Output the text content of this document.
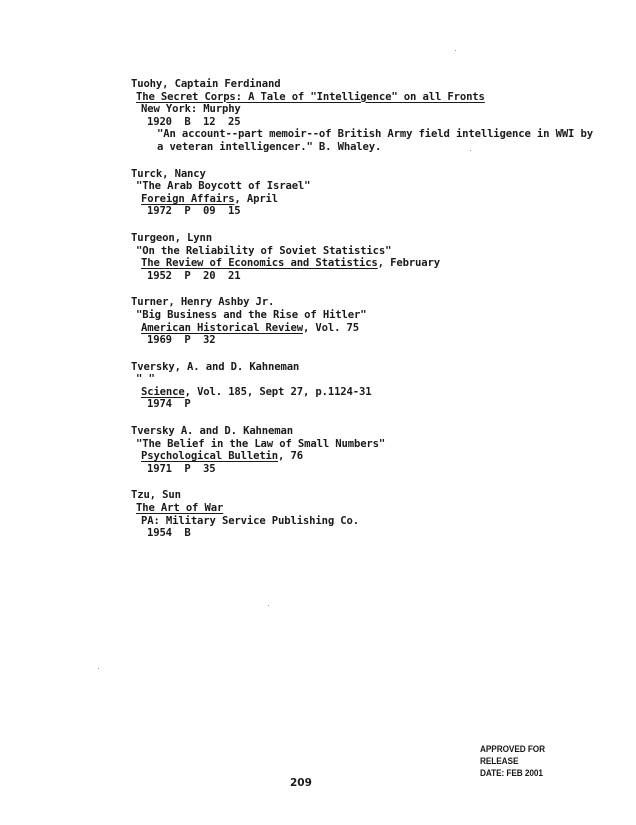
Tuohy, Captain Ferdinand
The Secret Corps: A Tale of "Intelligence" on all Fronts
New York: Murphy
1920  B  12  25
"An account--part memoir--of British Army field intelligence in WWI by
a veteran intelligencer." B. Whaley.
Turck, Nancy
"The Arab Boycott of Israel"
Foreign Affairs, April
1972  P  09  15
Turgeon, Lynn
"On the Reliability of Soviet Statistics"
The Review of Economics and Statistics, February
1952  P  20  21
Turner, Henry Ashby Jr.
"Big Business and the Rise of Hitler"
American Historical Review, Vol. 75
1969  P  32
Tversky, A. and D. Kahneman
" "
Science, Vol. 185, Sept 27, p.1124-31
1974  P
Tversky A. and D. Kahneman
"The Belief in the Law of Small Numbers"
Psychological Bulletin, 76
1971  P  35
Tzu, Sun
The Art of War
PA: Military Service Publishing Co.
1954  B
209
APPROVED FOR RELEASE
DATE: FEB 2001
